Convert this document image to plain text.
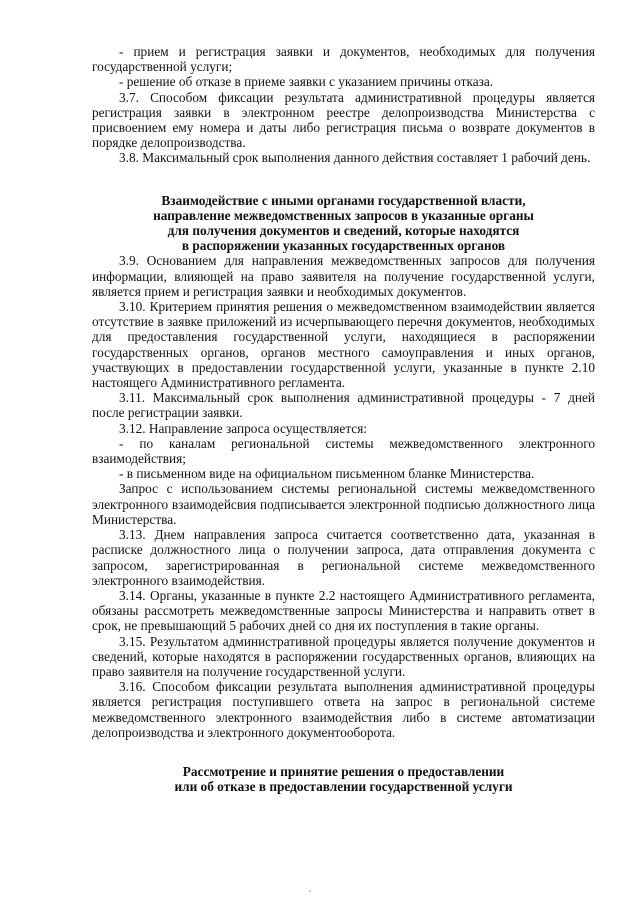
- прием и регистрация заявки и документов, необходимых для получения государственной услуги;

- решение об отказе в приеме заявки с указанием причины отказа.

3.7. Способом фиксации результата административной процедуры является регистрация заявки в электронном реестре делопроизводства Министерства с присвоением ему номера и даты либо регистрация письма о возврате документов в порядке делопроизводства.

3.8. Максимальный срок выполнения данного действия составляет 1 рабочий день.

Взаимодействие с иными органами государственной власти,
направление межведомственных запросов в указанные органы
для получения документов и сведений, которые находятся
в распоряжении указанных государственных органов

3.9. Основанием для направления межведомственных запросов для получения информации, влияющей на право заявителя на получение государственной услуги, является прием и регистрация заявки и необходимых документов.

3.10. Критерием принятия решения о межведомственном взаимодействии является отсутствие в заявке приложений из исчерпывающего перечня документов, необходимых для предоставления государственной услуги, находящиеся в распоряжении государственных органов, органов местного самоуправления и иных органов, участвующих в предоставлении государственной услуги, указанные в пункте 2.10 настоящего Административного регламента.

3.11. Максимальный срок выполнения административной процедуры - 7 дней после регистрации заявки.

3.12. Направление запроса осуществляется:

- по каналам региональной системы межведомственного электронного взаимодействия;

- в письменном виде на официальном письменном бланке Министерства.

Запрос с использованием системы региональной системы межведомственного электронного взаимодейсвия подписывается электронной подписью должностного лица Министерства.

3.13. Днем направления запроса считается соответственно дата, указанная в расписке должностного лица о получении запроса, дата отправления документа с запросом, зарегистрированная в региональной системе межведомственного электронного взаимодействия.

3.14. Органы, указанные в пункте 2.2 настоящего Административного регламента, обязаны рассмотреть межведомственные запросы Министерства и направить ответ в срок, не превышающий 5 рабочих дней со дня их поступления в такие органы.

3.15. Результатом административной процедуры является получение документов и сведений, которые находятся в распоряжении государственных органов, влияющих на право заявителя на получение государственной услуги.

3.16. Способом фиксации результата выполнения административной процедуры является регистрация поступившего ответа на запрос в региональной системе межведомственного электронного взаимодействия либо в системе автоматизации делопроизводства и электронного документооборота.

Рассмотрение и принятие решения о предоставлении
или об отказе в предоставлении государственной услуги
